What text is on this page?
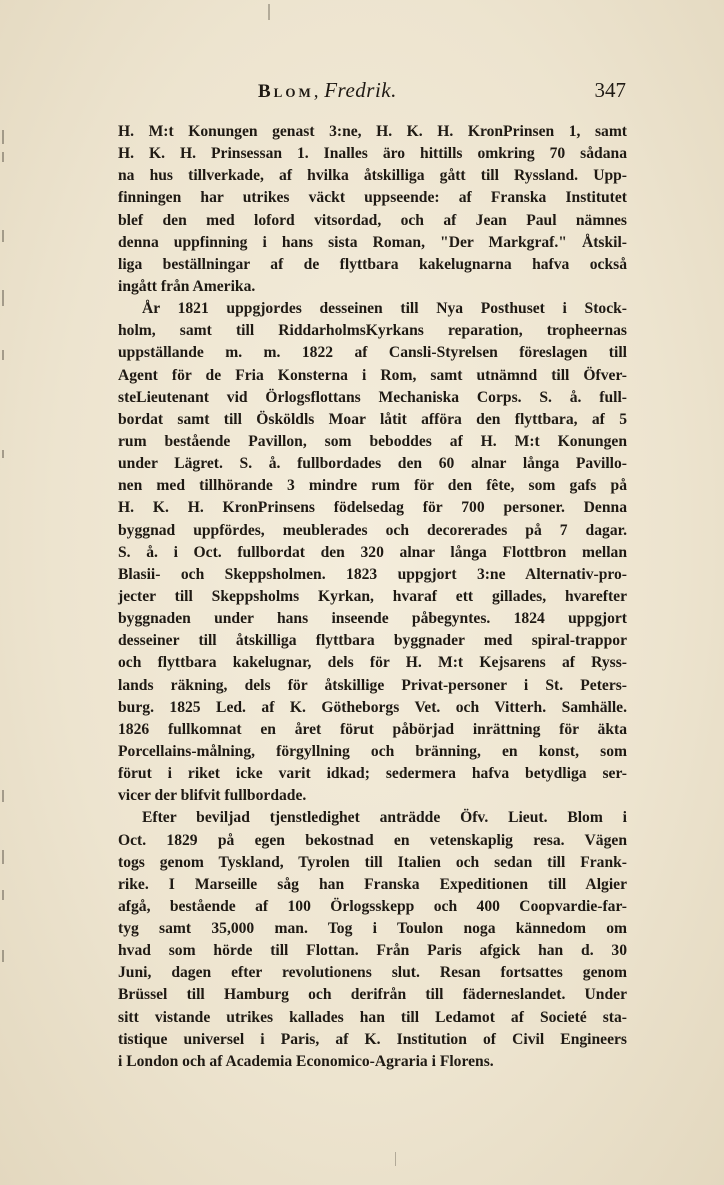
Blom, Fredrik.	347
H. M:t Konungen genast 3:ne, H. K. H. KronPrinsen 1, samt
H. K. H. Prinsessan 1. Inalles äro hittills omkring 70 sådana
na hus tillverkade, af hvilka åtskilliga gått till Ryssland. Upp-
finningen har utrikes väckt uppseende: af Franska Institutet
blef den med loford vitsordad, och af Jean Paul nämnes
denna uppfinning i hans sista Roman, "Der Markgraf." Åtskil-
liga beställningar af de flyttbara kakelugnarna hafva också
ingått från Amerika.
År 1821 uppgjordes desseinen till Nya Posthuset i Stock-
holm, samt till RiddarholmsKyrkans reparation, tropheernas
uppställande m. m. 1822 af Cansli-Styrelsen föreslagen till
Agent för de Fria Konsterna i Rom, samt utnämnd till Öfver-
steLieutenant vid Örlogsflottans Mechaniska Corps. S. å. full-
bordat samt till Ösköldls Moar låtit afföra den flyttbara, af 5
rum bestående Pavillon, som beboddes af H. M:t Konungen
under Lägret. S. å. fullbordades den 60 alnar långa Pavillo-
nen med tillhörande 3 mindre rum för den fête, som gafs på
H. K. H. KronPrinsens födelsedag för 700 personer. Denna
byggnad uppfördes, meublerades och decorerades på 7 dagar.
S. å. i Oct. fullbordat den 320 alnar långa Flottbron mellan
Blasii- och Skeppsholmen. 1823 uppgjort 3:ne Alternativ-pro-
jecter till Skeppsholms Kyrkan, hvaraf ett gillades, hvarefter
byggnaden under hans inseende påbegyntes. 1824 uppgjort
desseiner till åtskilliga flyttbara byggnader med spiral-trappor
och flyttbara kakelugnar, dels för H. M:t Kejsarens af Ryss-
lands räkning, dels för åtskillige Privat-personer i St. Peters-
burg. 1825 Led. af K. Götheborgs Vet. och Vitterh. Samhälle.
1826 fullkomnat en året förut påbörjad inrättning för äkta
Porcellains-målning, förgyllning och bränning, en konst, som
förut i riket icke varit idkad; sedermera hafva betydliga ser-
vicer der blifvit fullbordade.
Efter beviljad tjenstledighet anträdde Öfv. Lieut. Blom i
Oct. 1829 på egen bekostnad en vetenskaplig resa. Vägen
togs genom Tyskland, Tyrolen till Italien och sedan till Frank-
rike. I Marseille såg han Franska Expeditionen till Algier
afgå, bestående af 100 Örlogsskepp och 400 Coopvardie-far-
tyg samt 35,000 man. Tog i Toulon noga kännedom om
hvad som hörde till Flottan. Från Paris afgick han d. 30
Juni, dagen efter revolutionens slut. Resan fortsattes genom
Brüssel till Hamburg och derifrån till fäderneslandet. Under
sitt vistande utrikes kallades han till Ledamot af Societé sta-
tistique universel i Paris, af K. Institution of Civil Engineers
i London och af Academia Economico-Agraria i Florens.
